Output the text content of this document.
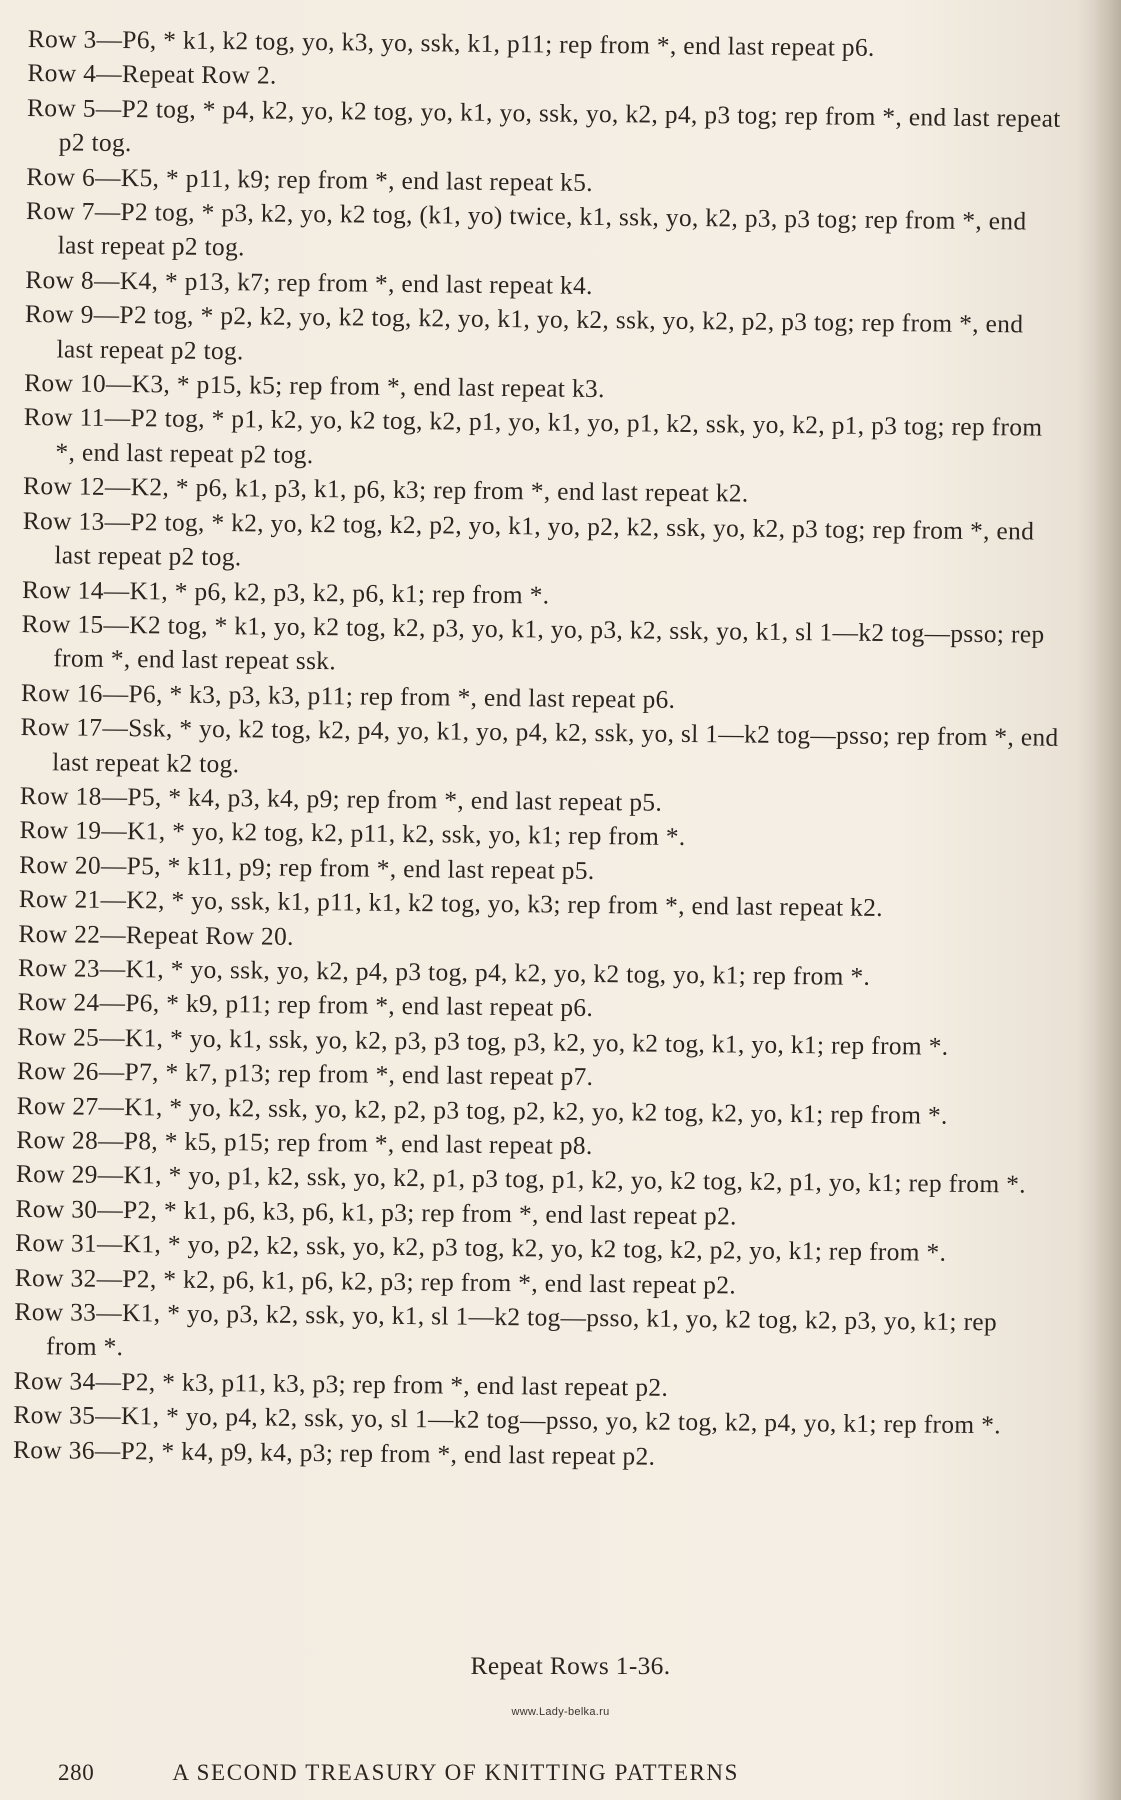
Row 3—P6, * k1, k2 tog, yo, k3, yo, ssk, k1, p11; rep from *, end last repeat p6.
Row 4—Repeat Row 2.
Row 5—P2 tog, * p4, k2, yo, k2 tog, yo, k1, yo, ssk, yo, k2, p4, p3 tog; rep from *, end last repeat p2 tog.
Row 6—K5, * p11, k9; rep from *, end last repeat k5.
Row 7—P2 tog, * p3, k2, yo, k2 tog, (k1, yo) twice, k1, ssk, yo, k2, p3, p3 tog; rep from *, end last repeat p2 tog.
Row 8—K4, * p13, k7; rep from *, end last repeat k4.
Row 9—P2 tog, * p2, k2, yo, k2 tog, k2, yo, k1, yo, k2, ssk, yo, k2, p2, p3 tog; rep from *, end last repeat p2 tog.
Row 10—K3, * p15, k5; rep from *, end last repeat k3.
Row 11—P2 tog, * p1, k2, yo, k2 tog, k2, p1, yo, k1, yo, p1, k2, ssk, yo, k2, p1, p3 tog; rep from *, end last repeat p2 tog.
Row 12—K2, * p6, k1, p3, k1, p6, k3; rep from *, end last repeat k2.
Row 13—P2 tog, * k2, yo, k2 tog, k2, p2, yo, k1, yo, p2, k2, ssk, yo, k2, p3 tog; rep from *, end last repeat p2 tog.
Row 14—K1, * p6, k2, p3, k2, p6, k1; rep from *.
Row 15—K2 tog, * k1, yo, k2 tog, k2, p3, yo, k1, yo, p3, k2, ssk, yo, k1, sl 1—k2 tog—psso; rep from *, end last repeat ssk.
Row 16—P6, * k3, p3, k3, p11; rep from *, end last repeat p6.
Row 17—Ssk, * yo, k2 tog, k2, p4, yo, k1, yo, p4, k2, ssk, yo, sl 1—k2 tog—psso; rep from *, end last repeat k2 tog.
Row 18—P5, * k4, p3, k4, p9; rep from *, end last repeat p5.
Row 19—K1, * yo, k2 tog, k2, p11, k2, ssk, yo, k1; rep from *.
Row 20—P5, * k11, p9; rep from *, end last repeat p5.
Row 21—K2, * yo, ssk, k1, p11, k1, k2 tog, yo, k3; rep from *, end last repeat k2.
Row 22—Repeat Row 20.
Row 23—K1, * yo, ssk, yo, k2, p4, p3 tog, p4, k2, yo, k2 tog, yo, k1; rep from *.
Row 24—P6, * k9, p11; rep from *, end last repeat p6.
Row 25—K1, * yo, k1, ssk, yo, k2, p3, p3 tog, p3, k2, yo, k2 tog, k1, yo, k1; rep from *.
Row 26—P7, * k7, p13; rep from *, end last repeat p7.
Row 27—K1, * yo, k2, ssk, yo, k2, p2, p3 tog, p2, k2, yo, k2 tog, k2, yo, k1; rep from *.
Row 28—P8, * k5, p15; rep from *, end last repeat p8.
Row 29—K1, * yo, p1, k2, ssk, yo, k2, p1, p3 tog, p1, k2, yo, k2 tog, k2, p1, yo, k1; rep from *.
Row 30—P2, * k1, p6, k3, p6, k1, p3; rep from *, end last repeat p2.
Row 31—K1, * yo, p2, k2, ssk, yo, k2, p3 tog, k2, yo, k2 tog, k2, p2, yo, k1; rep from *.
Row 32—P2, * k2, p6, k1, p6, k2, p3; rep from *, end last repeat p2.
Row 33—K1, * yo, p3, k2, ssk, yo, k1, sl 1—k2 tog—psso, k1, yo, k2 tog, k2, p3, yo, k1; rep from *.
Row 34—P2, * k3, p11, k3, p3; rep from *, end last repeat p2.
Row 35—K1, * yo, p4, k2, ssk, yo, sl 1—k2 tog—psso, yo, k2 tog, k2, p4, yo, k1; rep from *.
Row 36—P2, * k4, p9, k4, p3; rep from *, end last repeat p2.
Repeat Rows 1-36.
www.Lady-belka.ru
280	A SECOND TREASURY OF KNITTING PATTERNS
